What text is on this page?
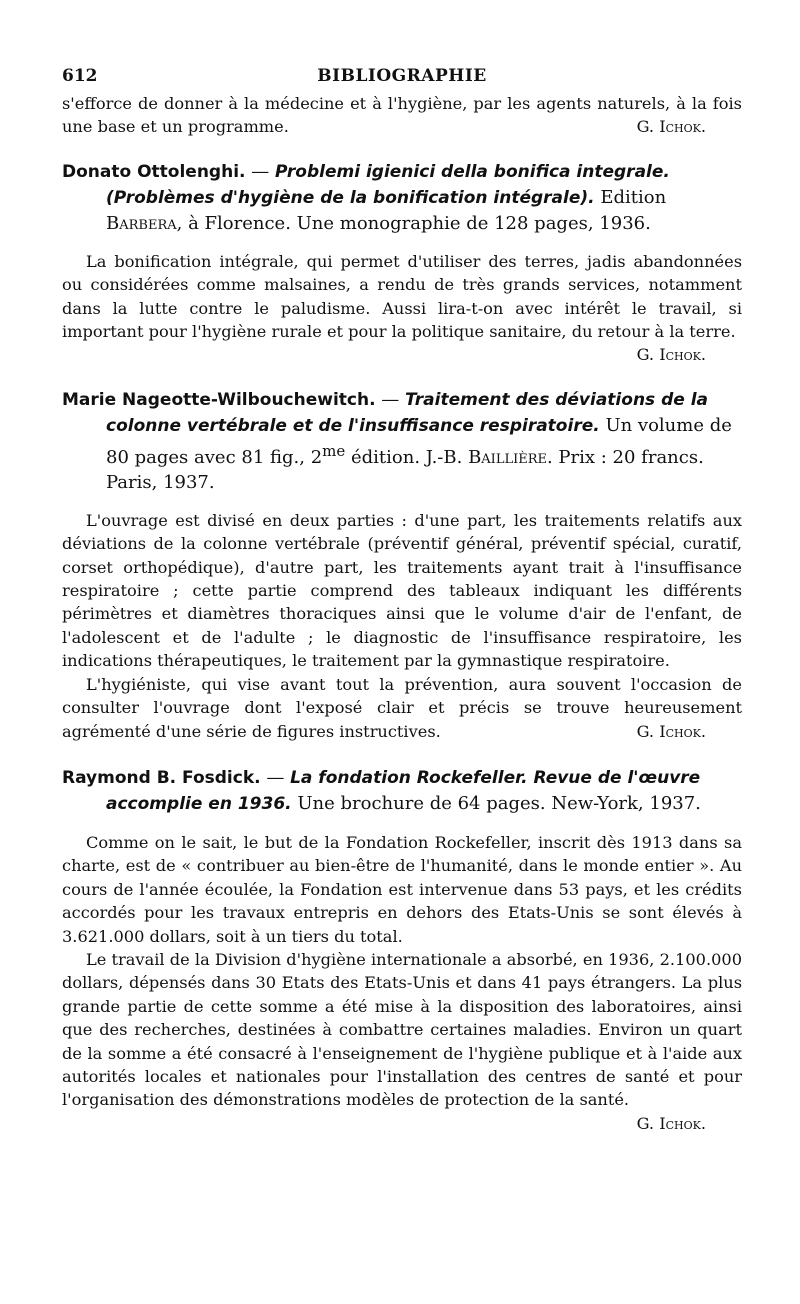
612	BIBLIOGRAPHIE

s'efforce de donner à la médecine et à l'hygiène, par les agents naturels, à la fois une base et un programme.	G. Ichok.

Donato Ottolenghi. — Problemi igienici della bonifica integrale. (Problèmes d'hygiène de la bonification intégrale). Edition Barbera, à Florence. Une monographie de 128 pages, 1936.

La bonification intégrale, qui permet d'utiliser des terres, jadis abandonnées ou considérées comme malsaines, a rendu de très grands services, notamment dans la lutte contre le paludisme. Aussi lira-t-on avec intérêt le travail, si important pour l'hygiène rurale et pour la politique sanitaire, du retour à la terre.
G. Ichok.

Marie Nageotte-Wilbouchewitch. — Traitement des déviations de la colonne vertébrale et de l'insuffisance respiratoire. Un volume de 80 pages avec 81 fig., $2^{me}$ édition. J.-B. Baillière. Prix : 20 francs. Paris, 1937.

L'ouvrage est divisé en deux parties : d'une part, les traitements relatifs aux déviations de la colonne vertébrale (préventif général, préventif spécial, curatif, corset orthopédique), d'autre part, les traitements ayant trait à l'insuffisance respiratoire ; cette partie comprend des tableaux indiquant les différents périmètres et diamètres thoraciques ainsi que le volume d'air de l'enfant, de l'adolescent et de l'adulte ; le diagnostic de l'insuffisance respiratoire, les indications thérapeutiques, le traitement par la gymnastique respiratoire.

L'hygiéniste, qui vise avant tout la prévention, aura souvent l'occasion de consulter l'ouvrage dont l'exposé clair et précis se trouve heureusement agrémenté d'une série de figures instructives.	G. Ichok.

Raymond B. Fosdick. — La fondation Rockefeller. Revue de l'œuvre accomplie en 1936. Une brochure de 64 pages. New-York, 1937.

Comme on le sait, le but de la Fondation Rockefeller, inscrit dès 1913 dans sa charte, est de « contribuer au bien-être de l'humanité, dans le monde entier ». Au cours de l'année écoulée, la Fondation est intervenue dans 53 pays, et les crédits accordés pour les travaux entrepris en dehors des Etats-Unis se sont élevés à 3.621.000 dollars, soit à un tiers du total.

Le travail de la Division d'hygiène internationale a absorbé, en 1936, 2.100.000 dollars, dépensés dans 30 Etats des Etats-Unis et dans 41 pays étrangers. La plus grande partie de cette somme a été mise à la disposition des laboratoires, ainsi que des recherches, destinées à combattre certaines maladies. Environ un quart de la somme a été consacré à l'enseignement de l'hygiène publique et à l'aide aux autorités locales et nationales pour l'installation des centres de santé et pour l'organisation des démonstrations modèles de protection de la santé.
G. Ichok.
